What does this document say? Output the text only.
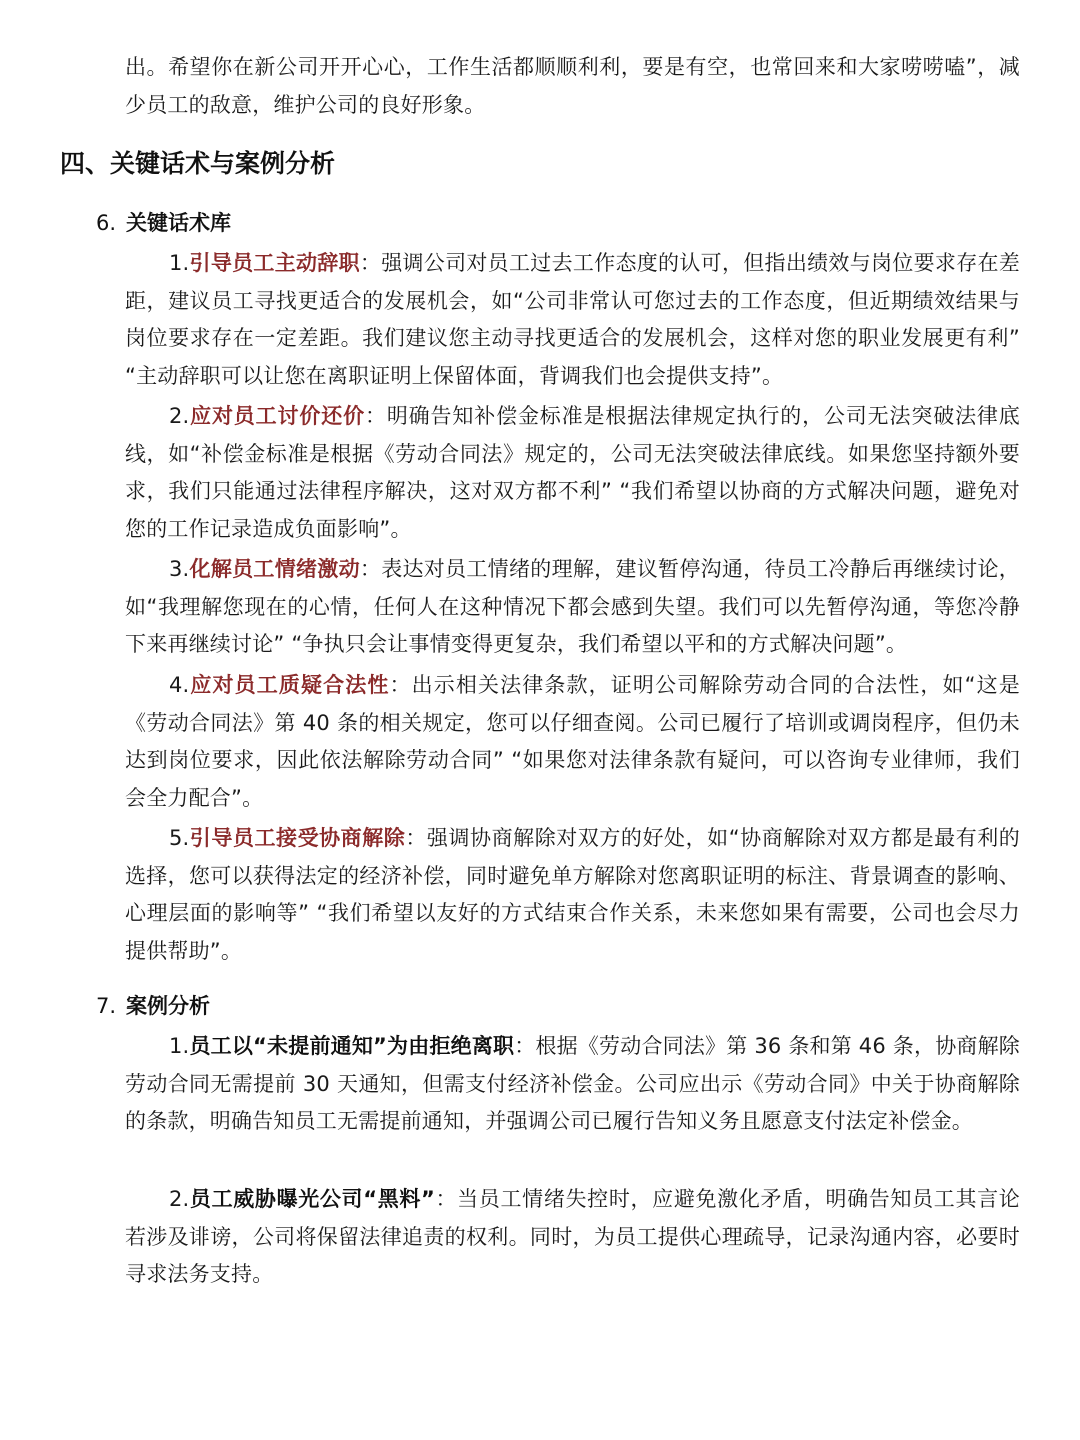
出。希望你在新公司开开心心，工作生活都顺顺利利，要是有空，也常回来和大家唠唠嗑”，减少员工的敌意，维护公司的良好形象。

四、关键话术与案例分析
6. 关键话术库

1.引导员工主动辞职：强调公司对员工过去工作态度的认可，但指出绩效与岗位要求存在差距，建议员工寻找更适合的发展机会，如“公司非常认可您过去的工作态度，但近期绩效结果与岗位要求存在一定差距。我们建议您主动寻找更适合的发展机会，这样对您的职业发展更有利” “主动辞职可以让您在离职证明上保留体面，背调我们也会提供支持”。

2.应对员工讨价还价：明确告知补偿金标准是根据法律规定执行的，公司无法突破法律底线，如“补偿金标准是根据《劳动合同法》规定的，公司无法突破法律底线。如果您坚持额外要求，我们只能通过法律程序解决，这对双方都不利” “我们希望以协商的方式解决问题，避免对您的工作记录造成负面影响”。

3.化解员工情绪激动：表达对员工情绪的理解，建议暂停沟通，待员工冷静后再继续讨论，如“我理解您现在的心情，任何人在这种情况下都会感到失望。我们可以先暂停沟通，等您冷静下来再继续讨论” “争执只会让事情变得更复杂，我们希望以平和的方式解决问题”。

4.应对员工质疑合法性：出示相关法律条款，证明公司解除劳动合同的合法性，如“这是《劳动合同法》第 40 条的相关规定，您可以仔细查阅。公司已履行了培训或调岗程序，但仍未达到岗位要求，因此依法解除劳动合同” “如果您对法律条款有疑问，可以咨询专业律师，我们会全力配合”。

5.引导员工接受协商解除：强调协商解除对双方的好处，如“协商解除对双方都是最有利的选择，您可以获得法定的经济补偿，同时避免单方解除对您离职证明的标注、背景调查的影响、心理层面的影响等” “我们希望以友好的方式结束合作关系，未来您如果有需要，公司也会尽力提供帮助”。

7. 案例分析

1.员工以“未提前通知”为由拒绝离职：根据《劳动合同法》第 36 条和第 46 条，协商解除劳动合同无需提前 30 天通知，但需支付经济补偿金。公司应出示《劳动合同》中关于协商解除的条款，明确告知员工无需提前通知，并强调公司已履行告知义务且愿意支付法定补偿金。

2.员工威胁曝光公司“黑料”：当员工情绪失控时，应避免激化矛盾，明确告知员工其言论若涉及诽谤，公司将保留法律追责的权利。同时，为员工提供心理疏导，记录沟通内容，必要时寻求法务支持。
